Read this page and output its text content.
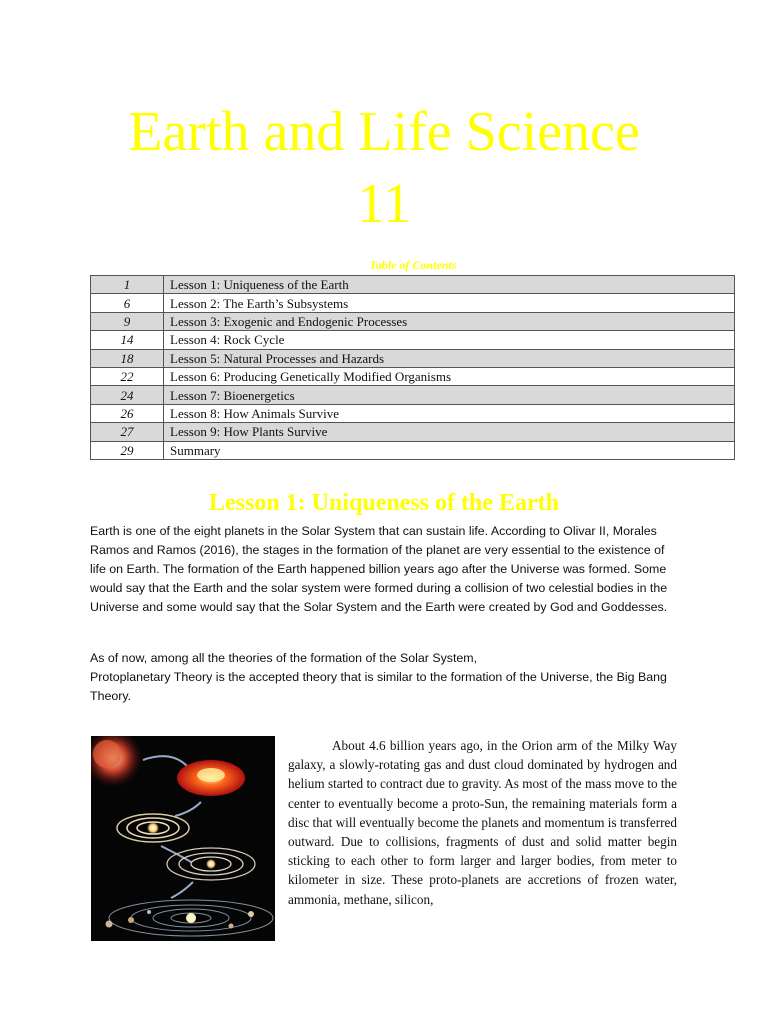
Earth and Life Science
11
Table of Contents
1	Lesson 1: Uniqueness of the Earth
6	Lesson 2: The Earth’s Subsystems
9	Lesson 3: Exogenic and Endogenic Processes
14	Lesson 4: Rock Cycle
18	Lesson 5: Natural Processes and Hazards
22	Lesson 6: Producing Genetically Modified Organisms
24	Lesson 7: Bioenergetics
26	Lesson 8: How Animals Survive
27	Lesson 9: How Plants Survive
29	Summary
Lesson 1: Uniqueness of the Earth

Earth is one of the eight planets in the Solar System that can sustain life. According to Olivar II, Morales Ramos and Ramos (2016), the stages in the formation of the planet are very essential to the existence of life on Earth. The formation of the Earth happened billion years ago after the Universe was formed. Some would say that the Earth and the solar system were formed during a collision of two celestial bodies in the Universe and some would say that the Solar System and the Earth were created by God and Goddesses.

As of now, among all the theories of the formation of the Solar System,
Protoplanetary Theory is the accepted theory that is similar to the formation of the Universe, the Big Bang Theory.

About 4.6 billion years ago, in the Orion arm of the Milky Way galaxy, a slowly-rotating gas and dust cloud dominated by hydrogen and helium started to contract due to gravity. As most of the mass move to the center to eventually become a proto-Sun, the remaining materials form a disc that will eventually become the planets and momentum is transferred outward. Due to collisions, fragments of dust and solid matter begin sticking to each other to form larger and larger bodies, from meter to kilometer in size. These proto-planets are accretions of frozen water, ammonia, methane, silicon,
